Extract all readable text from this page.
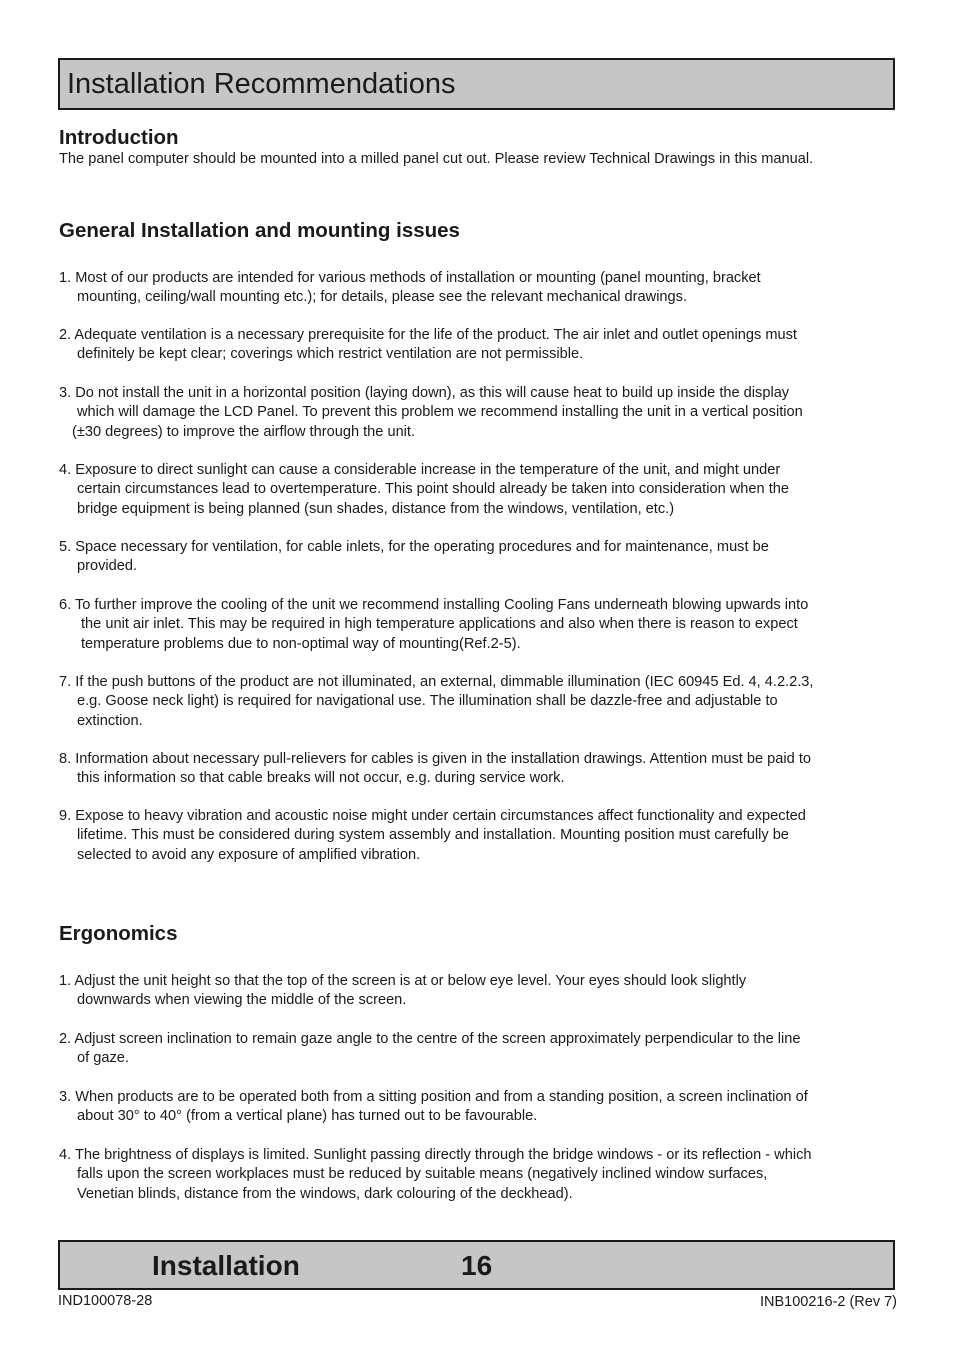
Installation Recommendations
Introduction

The panel computer should be mounted into a milled panel cut out. Please review Technical Drawings in this manual.

General Installation and mounting issues
1. Most of our products are intended for various methods of installation or mounting (panel mounting, bracket
mounting, ceiling/wall mounting etc.); for details, please see the relevant mechanical drawings.
2. Adequate ventilation is a necessary prerequisite for the life of the product. The air inlet and outlet openings must
definitely be kept clear; coverings which restrict ventilation are not permissible.
3. Do not install the unit in a horizontal position (laying down), as this will cause heat to build up inside the display
which will damage the LCD Panel. To prevent this problem we recommend installing the unit in a vertical position
(±30 degrees) to improve the airflow through the unit.
4. Exposure to direct sunlight can cause a considerable increase in the temperature of the unit, and might under
certain circumstances lead to overtemperature. This point should already be taken into consideration when the
bridge equipment is being planned (sun shades, distance from the windows, ventilation, etc.)
5. Space necessary for ventilation, for cable inlets, for the operating procedures and for maintenance, must be
provided.
6. To further improve the cooling of the unit we recommend installing Cooling Fans underneath blowing upwards into
the unit air inlet. This may be required in high temperature applications and also when there is reason to expect
temperature problems due to non-optimal way of mounting(Ref.2-5).
7. If the push buttons of the product are not illuminated, an external, dimmable illumination (IEC 60945 Ed. 4, 4.2.2.3,
e.g. Goose neck light) is required for navigational use. The illumination shall be dazzle-free and adjustable to
extinction.
8. Information about necessary pull-relievers for cables is given in the installation drawings. Attention must be paid to
this information so that cable breaks will not occur, e.g. during service work.
9. Expose to heavy vibration and acoustic noise might under certain circumstances affect functionality and expected
lifetime. This must be considered during system assembly and installation. Mounting position must carefully be
selected to avoid any exposure of amplified vibration.
Ergonomics
1. Adjust the unit height so that the top of the screen is at or below eye level. Your eyes should look slightly
downwards when viewing the middle of the screen.
2. Adjust screen inclination to remain gaze angle to the centre of the screen approximately perpendicular to the line
of gaze.
3. When products are to be operated both from a sitting position and from a standing position, a screen inclination of
about 30° to 40° (from a vertical plane) has turned out to be favourable.
4. The brightness of displays is limited. Sunlight passing directly through the bridge windows - or its reflection - which
falls upon the screen workplaces must be reduced by suitable means (negatively inclined window surfaces,
Venetian blinds, distance from the windows, dark colouring of the deckhead).
Installation	16
IND100078-28	INB100216-2 (Rev 7)
